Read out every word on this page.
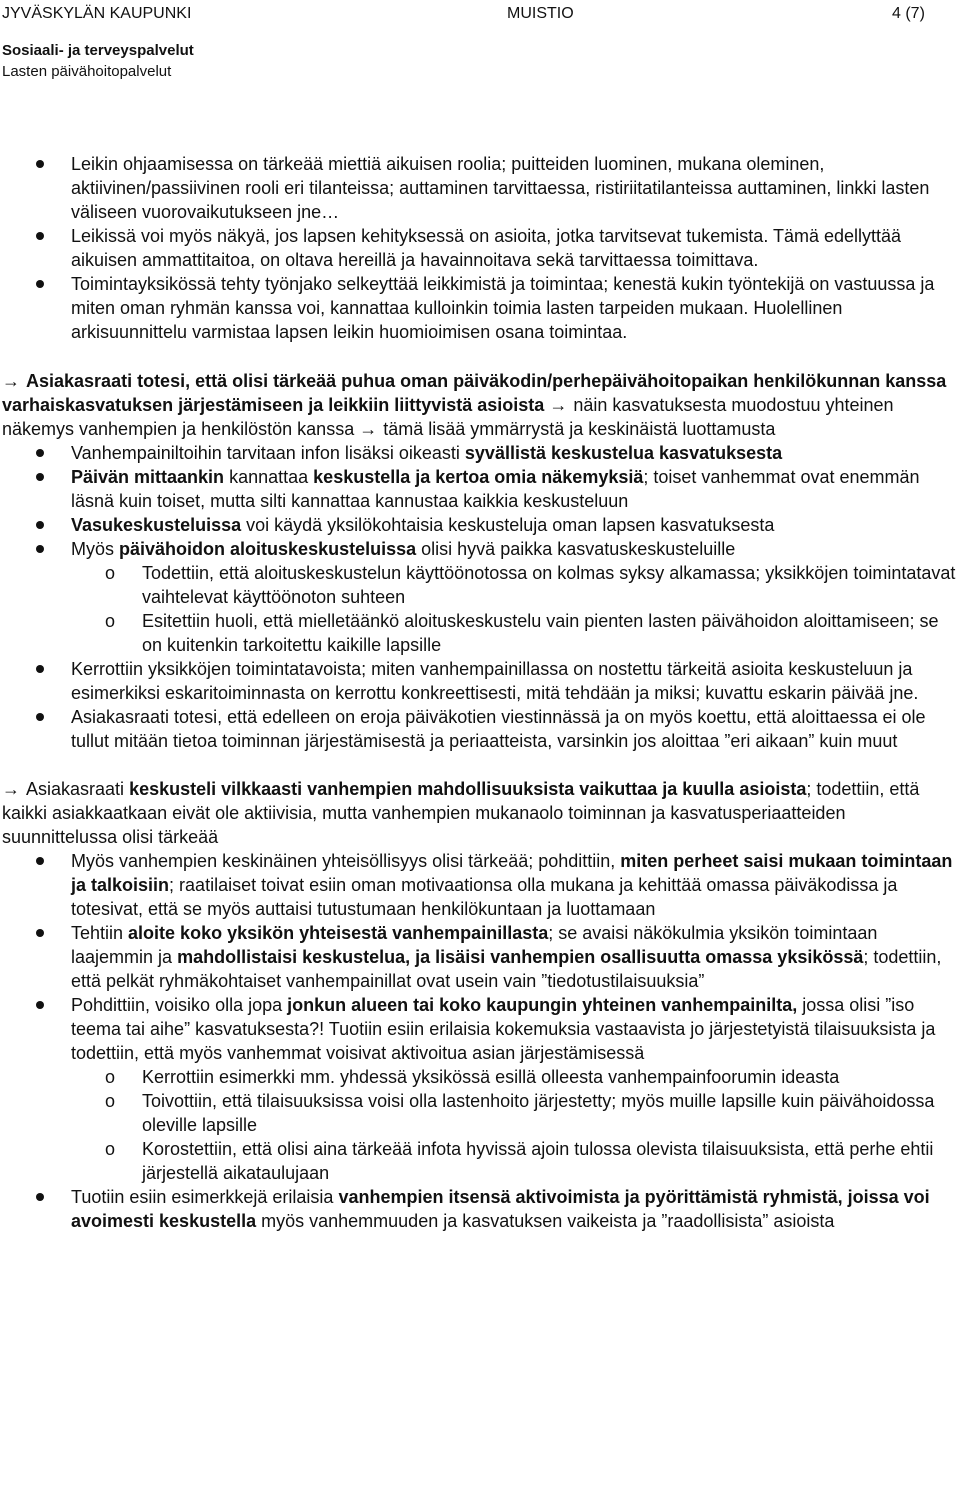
JYVÄSKYLÄN KAUPUNKI	MUISTIO	4 (7)
Sosiaali- ja terveyspalvelut
Lasten päivähoitopalvelut
Leikin ohjaamisessa on tärkeää miettiä aikuisen roolia; puitteiden luominen, mukana oleminen, aktiivinen/passiivinen rooli eri tilanteissa; auttaminen tarvittaessa, ristiriitatilanteissa auttaminen, linkki lasten väliseen vuorovaikutukseen jne…
Leikissä voi myös näkyä, jos lapsen kehityksessä on asioita, jotka tarvitsevat tukemista. Tämä edellyttää aikuisen ammattitaitoa, on oltava hereillä ja havainnoitava sekä tarvittaessa toimittava.
Toimintayksikössä tehty työnjako selkeyttää leikkimistä ja toimintaa; kenestä kukin työntekijä on vastuussa ja miten oman ryhmän kanssa voi, kannattaa kulloinkin toimia lasten tarpeiden mukaan. Huolellinen arkisuunnittelu varmistaa lapsen leikin huomioimisen osana toimintaa.
→ Asiakasraati totesi, että olisi tärkeää puhua oman päiväkodin/perhepäivähoitopaikan henkilökunnan kanssa varhaiskasvatuksen järjestämiseen ja leikkiin liittyvistä asioista → näin kasvatuksesta muodostuu yhteinen näkemys vanhempien ja henkilöstön kanssa → tämä lisää ymmärrystä ja keskinäistä luottamusta
Vanhempainiltoihin tarvitaan infon lisäksi oikeasti syvällistä keskustelua kasvatuksesta
Päivän mittaankin kannattaa keskustella ja kertoa omia näkemyksiä; toiset vanhemmat ovat enemmän läsnä kuin toiset, mutta silti kannattaa kannustaa kaikkia keskusteluun
Vasukeskusteluissa voi käydä yksilökohtaisia keskusteluja oman lapsen kasvatuksesta
Myös päivähoidon aloituskeskusteluissa olisi hyvä paikka kasvatuskeskusteluille
o Todettiin, että aloituskeskustelun käyttöönotossa on kolmas syksy alkamassa; yksikköjen toimintatavat vaihtelevat käyttöönoton suhteen
o Esitettiin huoli, että mielletäänkö aloituskeskustelu vain pienten lasten päivähoidon aloittamiseen; se on kuitenkin tarkoitettu kaikille lapsille
Kerrottiin yksikköjen toimintatavoista; miten vanhempainillassa on nostettu tärkeitä asioita keskusteluun ja esimerkiksi eskaritoiminnasta on kerrottu konkreettisesti, mitä tehdään ja miksi; kuvattu eskarin päivää jne.
Asiakasraati totesi, että edelleen on eroja päiväkotien viestinnässä ja on myös koettu, että aloittaessa ei ole tullut mitään tietoa toiminnan järjestämisestä ja periaatteista, varsinkin jos aloittaa ”eri aikaan” kuin muut
→ Asiakasraati keskusteli vilkkaasti vanhempien mahdollisuuksista vaikuttaa ja kuulla asioista; todettiin, että kaikki asiakkaatkaan eivät ole aktiivisia, mutta vanhempien mukanaolo toiminnan ja kasvatusperiaatteiden suunnittelussa olisi tärkeää
Myös vanhempien keskinäinen yhteisöllisyys olisi tärkeää; pohdittiin, miten perheet saisi mukaan toimintaan ja talkoisiin; raatilaiset toivat esiin oman motivaationsa olla mukana ja kehittää omassa päiväkodissa ja totesivat, että se myös auttaisi tutustumaan henkilökuntaan ja luottamaan
Tehtiin aloite koko yksikön yhteisestä vanhempainillasta; se avaisi näkökulmia yksikön toimintaan laajemmin ja mahdollistaisi keskustelua, ja lisäisi vanhempien osallisuutta omassa yksikössä; todettiin, että pelkät ryhmäkohtaiset vanhempainillat ovat usein vain ”tiedotustilaisuuksia”
Pohdittiin, voisiko olla jopa jonkun alueen tai koko kaupungin yhteinen vanhempainilta, jossa olisi ”iso teema tai aihe” kasvatuksesta?! Tuotiin esiin erilaisia kokemuksia vastaavista jo järjestetyistä tilaisuuksista ja todettiin, että myös vanhemmat voisivat aktivoitua asian järjestämisessä
o Kerrottiin esimerkki mm. yhdessä yksikössä esillä olleesta vanhempainfoorumin ideasta
o Toivottiin, että tilaisuuksissa voisi olla lastenhoito järjestetty; myös muille lapsille kuin päivähoidossa oleville lapsille
o Korostettiin, että olisi aina tärkeää infota hyvissä ajoin tulossa olevista tilaisuuksista, että perhe ehtii järjestellä aikataulujaan
Tuotiin esiin esimerkkejä erilaisia vanhempien itsensä aktivoimista ja pyörittämistä ryhmistä, joissa voi avoimesti keskustella myös vanhemmuuden ja kasvatuksen vaikeista ja ”raadollisista” asioista
